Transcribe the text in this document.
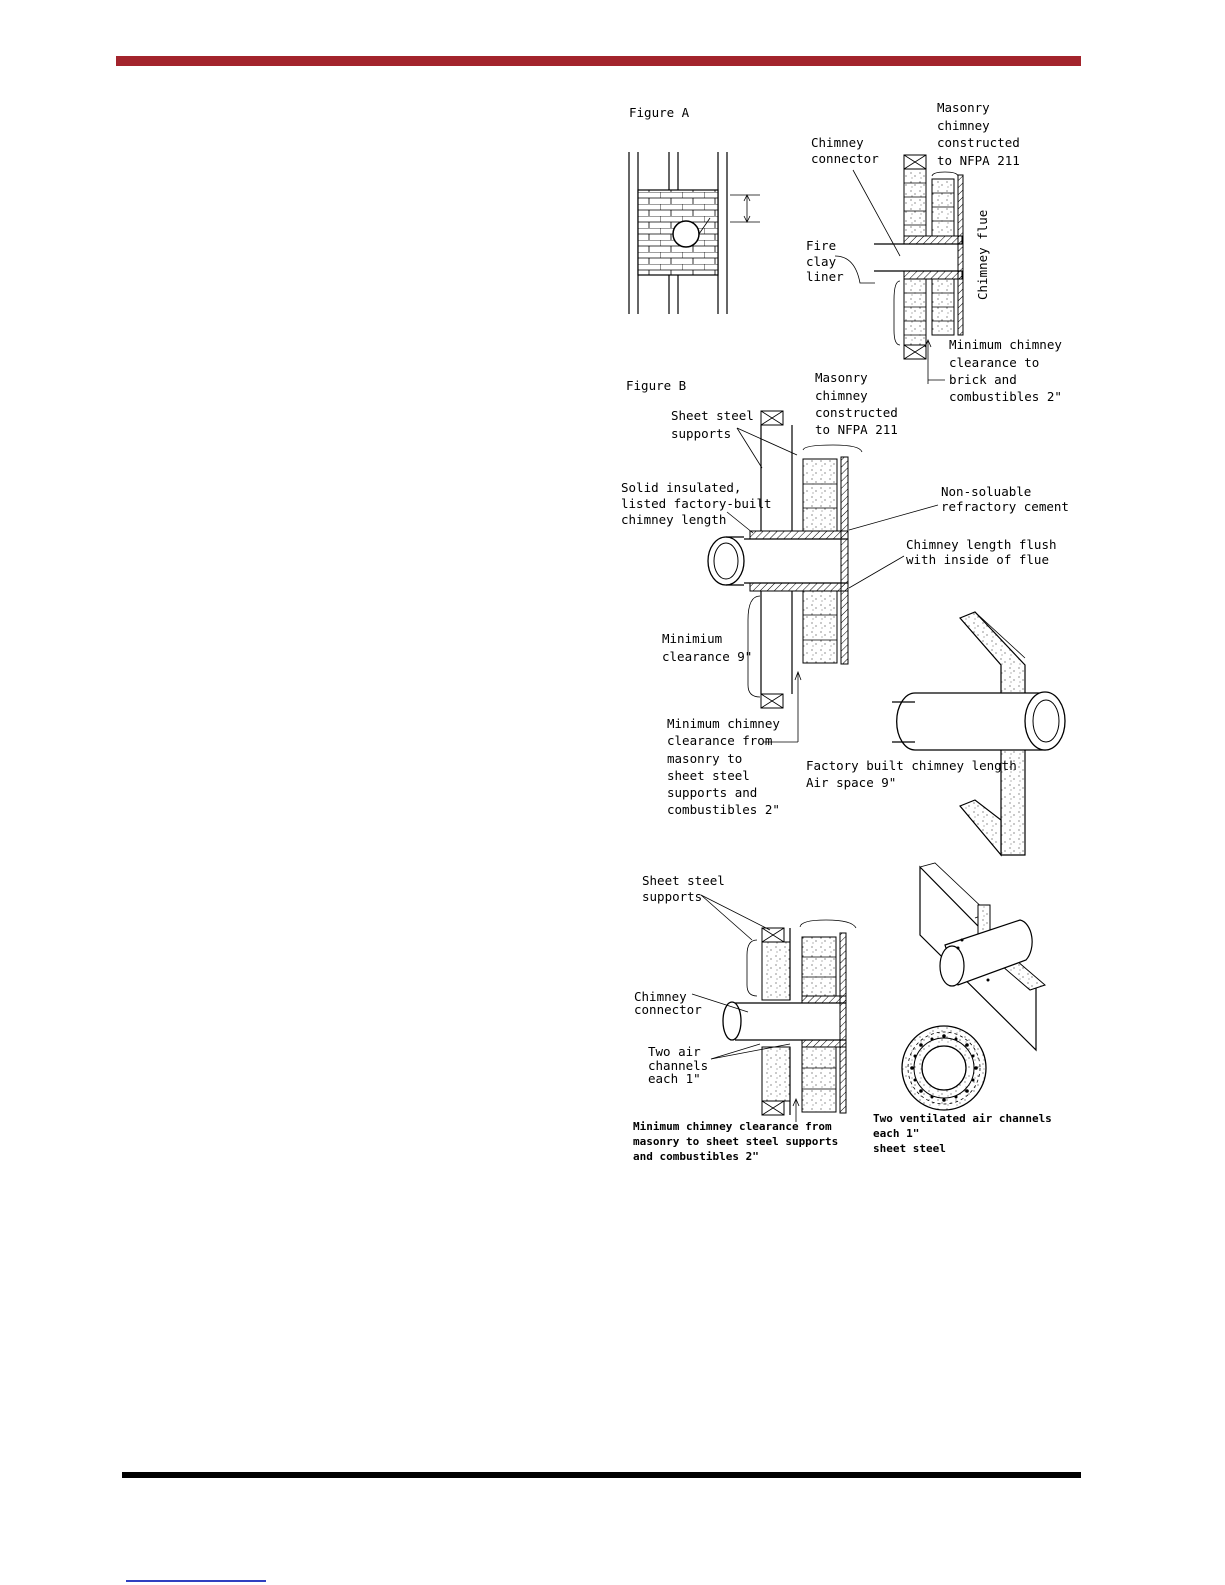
Figure A	Masonry chimney constructed to NFPA 211
Chimney connector
Fire clay liner	Chimney flue
Minimum chimney clearance to brick and combustibles 2"
Figure B
Masonry chimney constructed to NFPA 211
Sheet steel supports
Solid insulated, listed factory-built chimney length
Non-soluable refractory cement
Chimney length flush with inside of flue
Minimium clearance 9"
Minimum chimney clearance from masonry to sheet steel supports and combustibles 2"
Factory built chimney length Air space 9"
Sheet steel supports
Chimney connector
Two air channels each 1"
Minimum chimney clearance from masonry to sheet steel supports and combustibles 2"
Two ventilated air channels each 1" sheet steel
